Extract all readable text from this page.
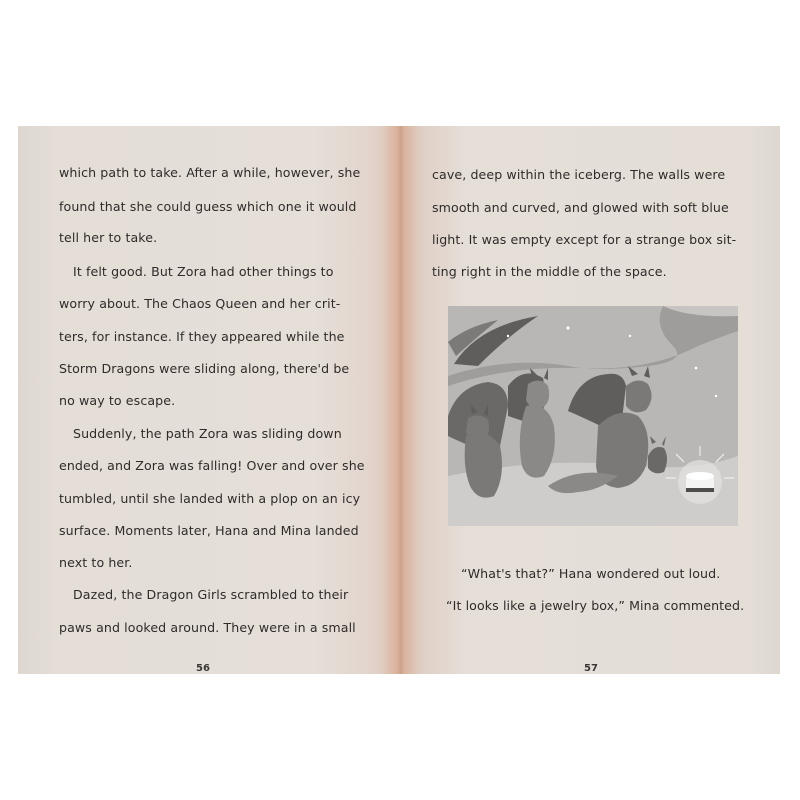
which path to take. After a while, however, she
found that she could guess which one it would
tell her to take.
It felt good. But Zora had other things to
worry about. The Chaos Queen and her crit-
ters, for instance. If they appeared while the
Storm Dragons were sliding along, there'd be
no way to escape.
Suddenly, the path Zora was sliding down
ended, and Zora was falling! Over and over she
tumbled, until she landed with a plop on an icy
surface. Moments later, Hana and Mina landed
next to her.
Dazed, the Dragon Girls scrambled to their
paws and looked around. They were in a small
56
cave, deep within the iceberg. The walls were
smooth and curved, and glowed with soft blue
light. It was empty except for a strange box sit-
ting right in the middle of the space.
“What's that?” Hana wondered out loud.
“It looks like a jewelry box,” Mina commented.
57
